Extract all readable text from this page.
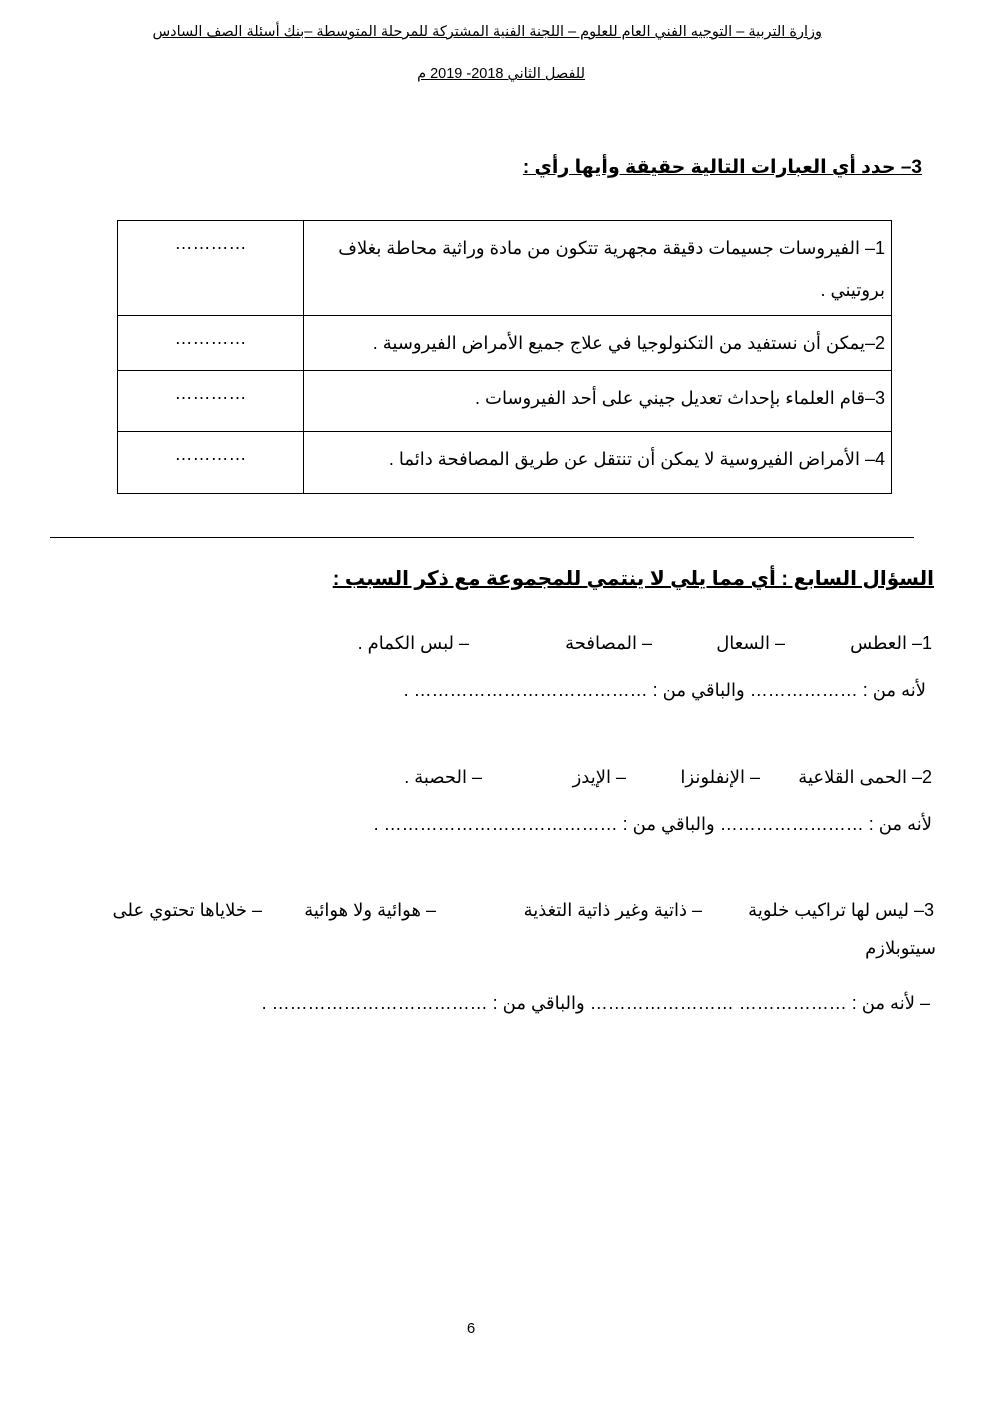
وزارة التربية – التوجيه الفني العام للعلوم – اللجنة الفنية المشتركة للمرحلة المتوسطة –بنك أسئلة الصف السادس
للفصل الثاني 2018- 2019 م
3– حدد أي العبارات التالية حقيقة وأيها رأي :
1– الفيروسات جسيمات دقيقة مجهرية تتكون من مادة وراثية محاطة بغلاف بروتيني .	…………
2–يمكن أن نستفيد من التكنولوجيا في علاج جميع الأمراض الفيروسية .	…………
3–قام العلماء بإحداث تعديل جيني على أحد الفيروسات .	…………
4– الأمراض الفيروسية لا يمكن أن تنتقل عن طريق المصافحة دائما .	…………
السؤال السابع : أي مما يلي لا ينتمي للمجموعة مع ذكر السبب :
1– العطس
– السعال
– المصافحة
– لبس الكمام .
لأنه من : ……………… والباقي من : ………………………………… .
2– الحمى القلاعية
– الإنفلونزا
– الإيدز
– الحصبة .
لأنه من : …………………… والباقي من : ………………………………… .
3– ليس لها تراكيب خلوية
– ذاتية وغير ذاتية التغذية
– هوائية ولا هوائية
– خلاياها تحتوي على
سيتوبلازم
– لأنه من : ……………… …………………… والباقي من : ……………………………… .
6
